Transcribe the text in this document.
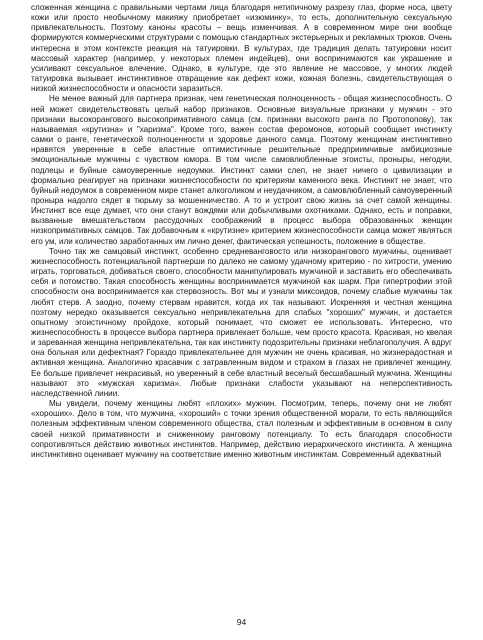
сложенная женщина с правильными чертами лица благодаря нетипичному разрезу глаз, форме носа, цвету кожи или просто необычному макияжу приобретает «изюминку», то есть, дополнительную сексуальную привлекательность. Поэтому каноны красоты – вещь изменчивая. А в современном мире они вообще формируются коммерческими структурами с помощью стандартных экстерьерных и рекламных трюков. Очень интересна в этом контексте реакция на татуировки. В культурах, где традиция делать татуировки носит массовый характер (например, у некоторых племен индейцев), они воспринимаются как украшение и усиливают сексуальное влечение. Однако, в культуре, где это явление не массовое, у многих людей татуировка вызывает инстинктивное отвращение как дефект кожи, кожная болезнь, свидетельствующая о низкой жизнеспособности и опасности заразиться.

Не менее важный для партнера признак, чем генетическая полноценность - общая жизнеспособность. О ней может свидетельствовать целый набор признаков. Основные визуальные признаки у мужчин - это признаки высокорангового высокопримативного самца (см. признаки высокого ранга по Протопопову), так называемая «крутизна» и "харизма". Кроме того, важен состав феромонов, который сообщает инстинкту самки о ранге, генетической полноценности и здоровье данного самца. Поэтому женщинам инстинктивно нравятся уверенные в себе властные оптимистичные решительные предприимчивые амбициозные эмоциональные мужчины с чувством юмора. В том числе самовлюбленные эгоисты, проныры, негодяи, подлецы и буйные самоуверенные недоумки. Инстинкт самки слеп, не знает ничего о цивилизации и формально реагирует на признаки жизнеспособности по критериям каменного века. Инстинкт не знает, что буйный недоумок в современном мире станет алкоголиком и неудачником, а самовлюбленный самоуверенный проныра надолго сядет в тюрьму за мошенничество. А то и устроит свою жизнь за счет самой женщины. Инстинкт все еще думает, что они станут вождями или добычливыми охотниками. Однако, есть и поправки, вызванные вмешательством рассудочных соображений в процесс выбора образованных женщин низкопримативных самцов. Так добавочным к «крутизне» критерием жизнеспособности самца может являться его ум, или количество заработанных им лично денег, фактическая успешность, положение в обществе.

Точно так же самцовый инстинкт, особенно средневанговосто или низкорангового мужчины, оценивает жизнеспособность потенциальной партнерши по далеко не самому удачному критерию - по хитрости, умению играть, торговаться, добиваться своего, способности манипулировать мужчиной и заставить его обеспечивать себя и потомство. Такая способность женщины воспринимается мужчиной как шарм. При гипертрофии этой способности она воспринимается как стервозность. Вот мы и узнали миксоидов, почему слабые мужчины так любят стерв. А заодно, почему стервам нравится, когда их так называют. Искренняя и честная женщина поэтому нередко оказывается сексуально непривлекательна для слабых "хороших" мужчин, и достается опытному эгоистичному пройдохе, который понимает, что сможет ее использовать. Интересно, что жизнеспособность в процессе выбора партнера привлекает больше, чем просто красота. Красивая, но квелая и зареванная женщина непривлекательна, так как инстинкту подозрительны признаки неблагополучия. А вдруг она больная или дефектная? Гораздо привлекательнее для мужчин не очень красивая, но жизнерадостная и активная женщина. Аналогично красавчик с затравленным видом и страхом в глазах не привлечет женщину. Ее больше привлечет некрасивый, но уверенный в себе властный веселый бесшабашный мужчина. Женщины называют это «мужская харизма». Любые признаки слабости указывают на неперспективность наследственной линии.

Мы увидели, почему женщины любят «плохих» мужчин. Посмотрим, теперь, почему они не любят «хороших». Дело в том, что мужчина, «хороший» с точки зрения общественной морали, то есть являющийся полезным эффективным членом современного общества, стал полезным и эффективным в основном в силу своей низкой примативности и сниженному ранговому потенциалу. То есть благодаря способности сопротивляться действию животных инстинктов. Например, действию иерархического инстинкта. А женщина инстинктивно оценивает мужчину на соответствие именно животным инстинктам. Современный адекватный

94
